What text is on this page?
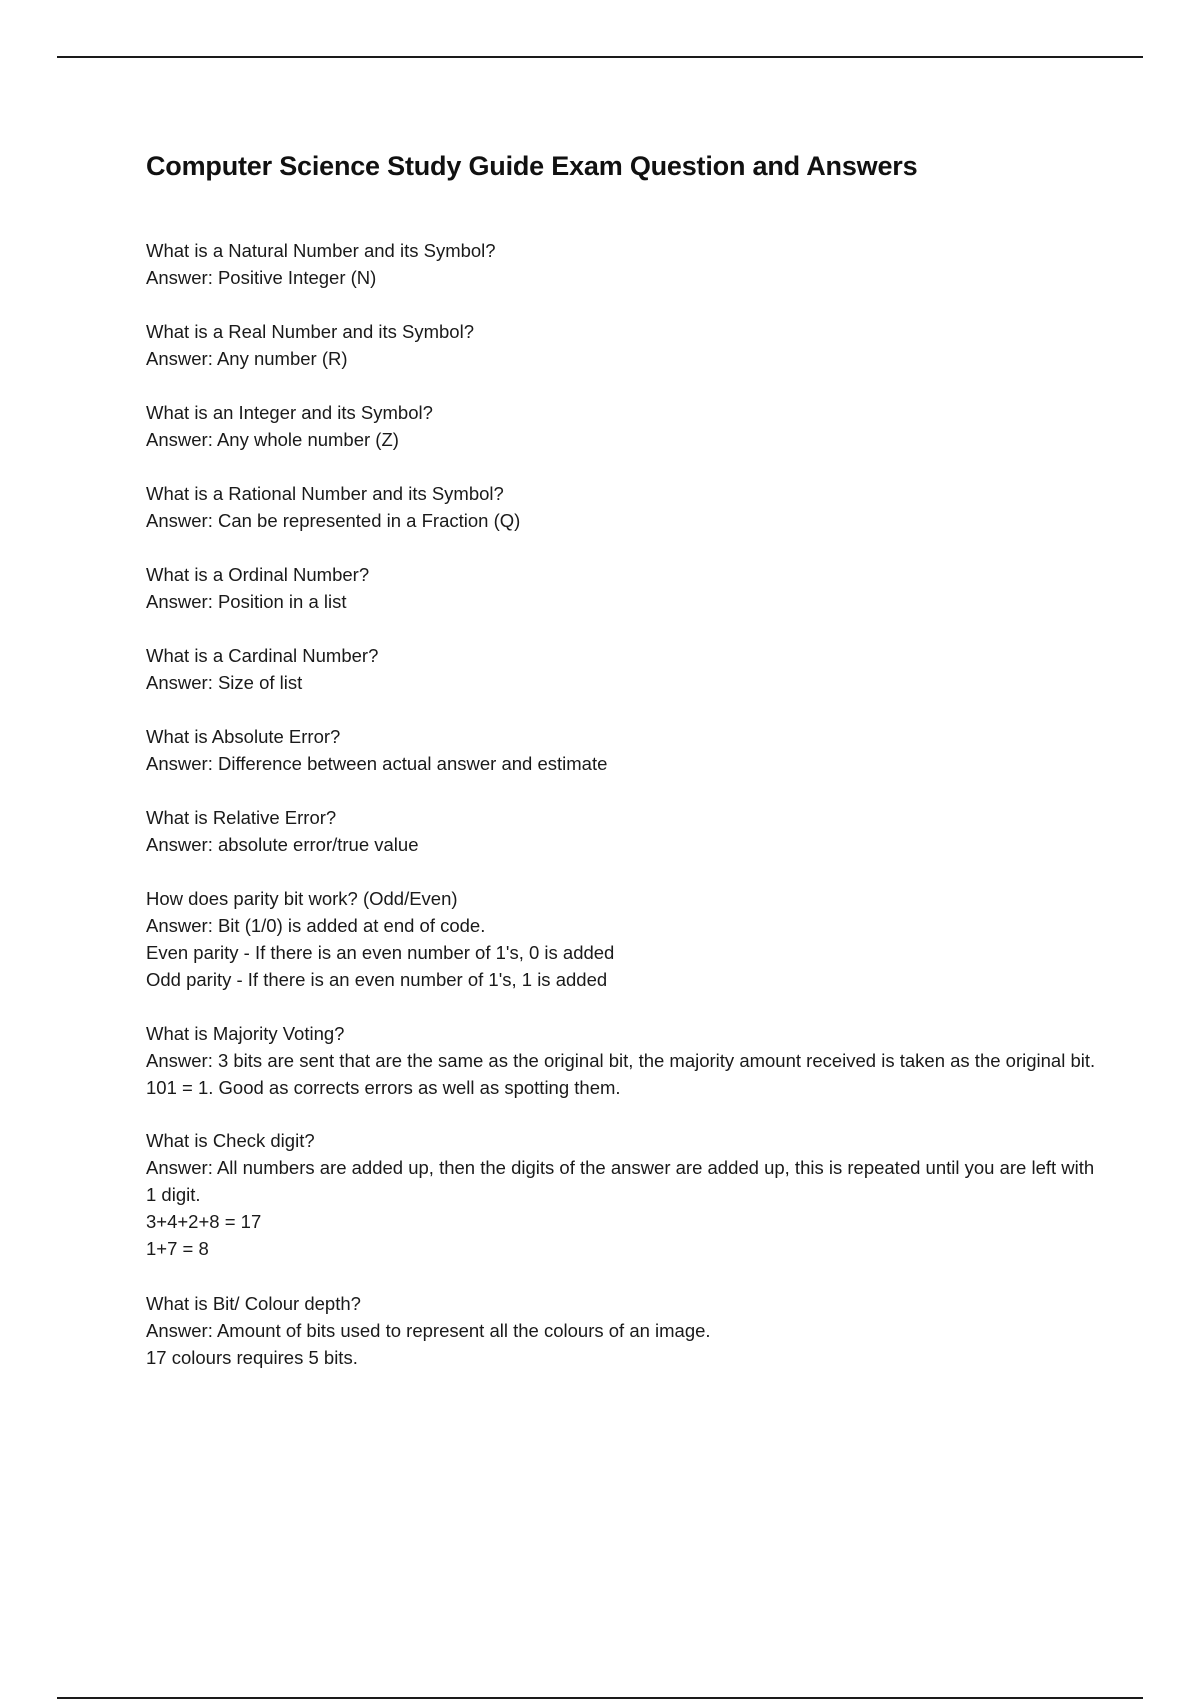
Computer Science Study Guide Exam Question and Answers
What is a Natural Number and its Symbol?
Answer: Positive Integer (N)
What is a Real Number and its Symbol?
Answer: Any number (R)
What is an Integer and its Symbol?
Answer: Any whole number (Z)
What is a Rational Number and its Symbol?
Answer: Can be represented in a Fraction (Q)
What is a Ordinal Number?
Answer: Position in a list
What is a Cardinal Number?
Answer: Size of list
What is Absolute Error?
Answer: Difference between actual answer and estimate
What is Relative Error?
Answer: absolute error/true value
How does parity bit work? (Odd/Even)
Answer: Bit (1/0) is added at end of code.
Even parity - If there is an even number of 1's, 0 is added
Odd parity - If there is an even number of 1's, 1 is added
What is Majority Voting?
Answer: 3 bits are sent that are the same as the original bit, the majority amount received is taken as the original bit. 101 = 1. Good as corrects errors as well as spotting them.
What is Check digit?
Answer: All numbers are added up, then the digits of the answer are added up, this is repeated until you are left with 1 digit.
3+4+2+8 = 17
1+7 = 8
What is Bit/ Colour depth?
Answer: Amount of bits used to represent all the colours of an image.
17 colours requires 5 bits.
